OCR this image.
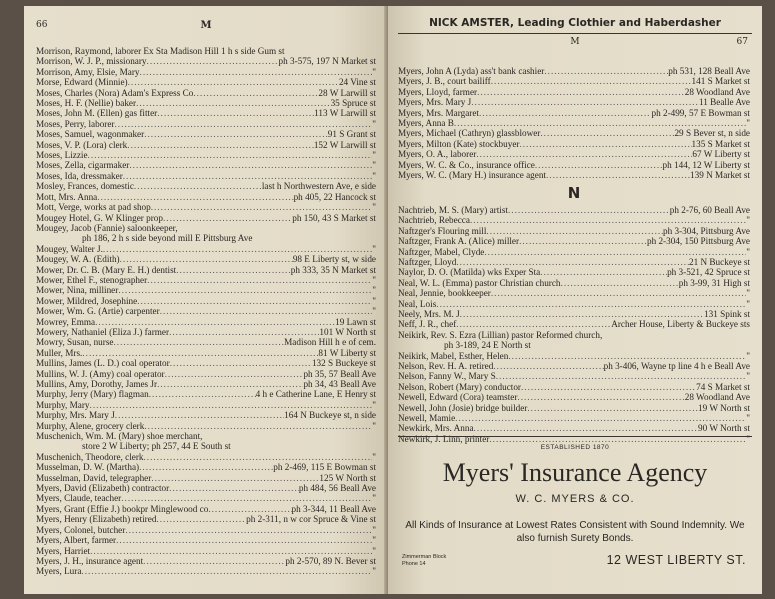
66	M
Morrison, Raymond, laborer Ex Sta Madison Hill 1 h s side Gum st
Morrison, W. J. P., missionary .....	ph 3-575, 197 N Market st
Morrison, Amy, Elsie, Mary .....	"
Morse, Edward (Minnie) .....	24 Vine st
Moses, Charles (Nora) Adam's Express Co .....	28 W Larwill st
Moses, H. F. (Nellie) baker .....	35 Spruce st
Moses, John M. (Ellen) gas fitter .....	113 W Larwill st
Moses, Perry, laborer .....	"
Moses, Samuel, wagonmaker .....	91 S Grant st
Moses, V. P. (Lora) clerk .....	152 W Larwill st
Moses, Lizzie .....	"
Moses, Zella, cigarmaker .....	"
Moses, Ida, dressmaker .....	"
Mosley, Frances, domestic .....	last h Northwestern Ave, e side
Mott, Mrs. Anna .....	ph 405, 22 Hancock st
Mott, Verge, works at pad shop .....	"
Mougey Hotel, G. W Klinger prop .....	ph 150, 43 S Market st
Mougey, Jacob (Fannie) saloonkeeper,
ph 186, 2 h s side beyond mill E Pittsburg Ave
Mougey, Walter J. .....	"
Mougey, W. A. (Edith) .....	98 E Liberty st, w side
Mower, Dr. C. B. (Mary E. H.) dentist .....	ph 333, 35 N Market st
Mower, Ethel F., stenographer .....	"
Mower, Nina, milliner .....	"
Mower, Mildred, Josephine .....	"
Mower, Wm. G. (Artie) carpenter .....	"
Mowrey, Emma .....	19 Lawn st
Mowery, Nathaniel (Eliza J.) farmer .....	101 W North st
Mowry, Susan, nurse .....	Madison Hill h e of cem.
Muller, Mrs. .....	81 W Liberty st
Mullins, James (L. D.) coal operator .....	132 S Buckeye st
Mullins, W. J. (Amy) coal operator .....	ph 35, 57 Beall Ave
Mullins, Amy, Dorothy, James Jr .....	ph 34, 43 Beall Ave
Murphy, Jerry (Mary) flagman .....	4 h e Catherine Lane, E Henry st
Murphy, Mary .....	"
Murphy, Mrs. Mary J .....	164 N Buckeye st, n side
Murphy, Alene, grocery clerk .....	"
Muschenich, Wm. M. (Mary) shoe merchant,
store 2 W Liberty; ph 257, 44 E South st
Muschenich, Theodore, clerk .....	"
Musselman, D. W. (Martha) .....	ph 2-469, 115 E Bowman st
Musselman, David, telegrapher .....	125 W North st
Myers, David (Elizabeth) contractor .....	ph 484, 56 Beall Ave
Myers, Claude, teacher .....	"
Myers, Grant (Effie J.) bookpr Minglewood co .....	ph 3-344, 11 Beall Ave
Myers, Henry (Elizabeth) retired .....	ph 2-311, n w cor Spruce & Vine st
Myers, Colonel, butcher .....	"
Myers, Albert, farmer .....	"
Myers, Harriet .....	"
Myers, J. H., insurance agent .....	ph 2-570, 89 N. Bever st
Myers, Lura .....	"
NICK AMSTER, Leading Clothier and Haberdasher
M	67
Myers, John A (Lyda) ass't bank cashier .....	ph 531, 128 Beall Ave
Myers, J. B., court bailiff .....	141 S Market st
Myers, Lloyd, farmer .....	28 Woodland Ave
Myers, Mrs. Mary J .....	11 Bealle Ave
Myers, Mrs. Margaret .....	ph 2-499, 57 E Bowman st
Myers, Anna B .....	"
Myers, Michael (Cathryn) glassblower .....	29 S Bever st, n side
Myers, Milton (Kate) stockbuyer .....	135 S Market st
Myers, O. A., laborer .....	67 W Liberty st
Myers, W. C. & Co., insurance office .....	ph 144, 12 W Liberty st
Myers, W. C. (Mary H.) insurance agent .....	139 N Market st
N
Nachtrieb, M. S. (Mary) artist .....	ph 2-76, 60 Beall Ave
Nachtrieb, Rebecca .....	"
Naftzger's Flouring mill .....	ph 3-304, Pittsburg Ave
Naftzger, Frank A. (Alice) miller .....	ph 2-304, 150 Pittsburg Ave
Naftzger, Mabel, Clyde .....	"
Naftzger, Lloyd .....	21 N Buckeye st
Naylor, D. O. (Matilda) wks Exper Sta .....	ph 3-521, 42 Spruce st
Neal, W. L. (Emma) pastor Christian church .....	ph 3-99, 31 High st
Neal, Jennie, bookkeeper .....	"
Neal, Lois .....	"
Neely, Mrs. M. J .....	131 Spink st
Neff, J. R., chef .....	Archer House, Liberty & Buckeye sts
Neikirk, Rev. S. Ezra (Lillian) pastor Reformed church,
ph 3-189, 24 E North st
Neikirk, Mabel, Esther, Helen .....	"
Nelson, Rev. H. A. retired .....	ph 3-406, Wayne tp line 4 h e Beall Ave
Nelson, Fanny W., Mary S .....	"
Nelson, Robert (Mary) conductor .....	74 S Market st
Newell, Edward (Cora) teamster .....	28 Woodland Ave
Newell, John (Josie) bridge builder .....	19 W North st
Newell, Mamie .....	"
Newkirk, Mrs. Anna .....	90 W North st
Newkirk, J. Linn, printer .....	"
ESTABLISHED 1870
Myers' Insurance Agency
W. C. MYERS & CO.
All Kinds of Insurance at Lowest Rates Consistent with Sound Indemnity. We also furnish Surety Bonds.
Zimmerman Block
Phone 14	12 WEST LIBERTY ST.
